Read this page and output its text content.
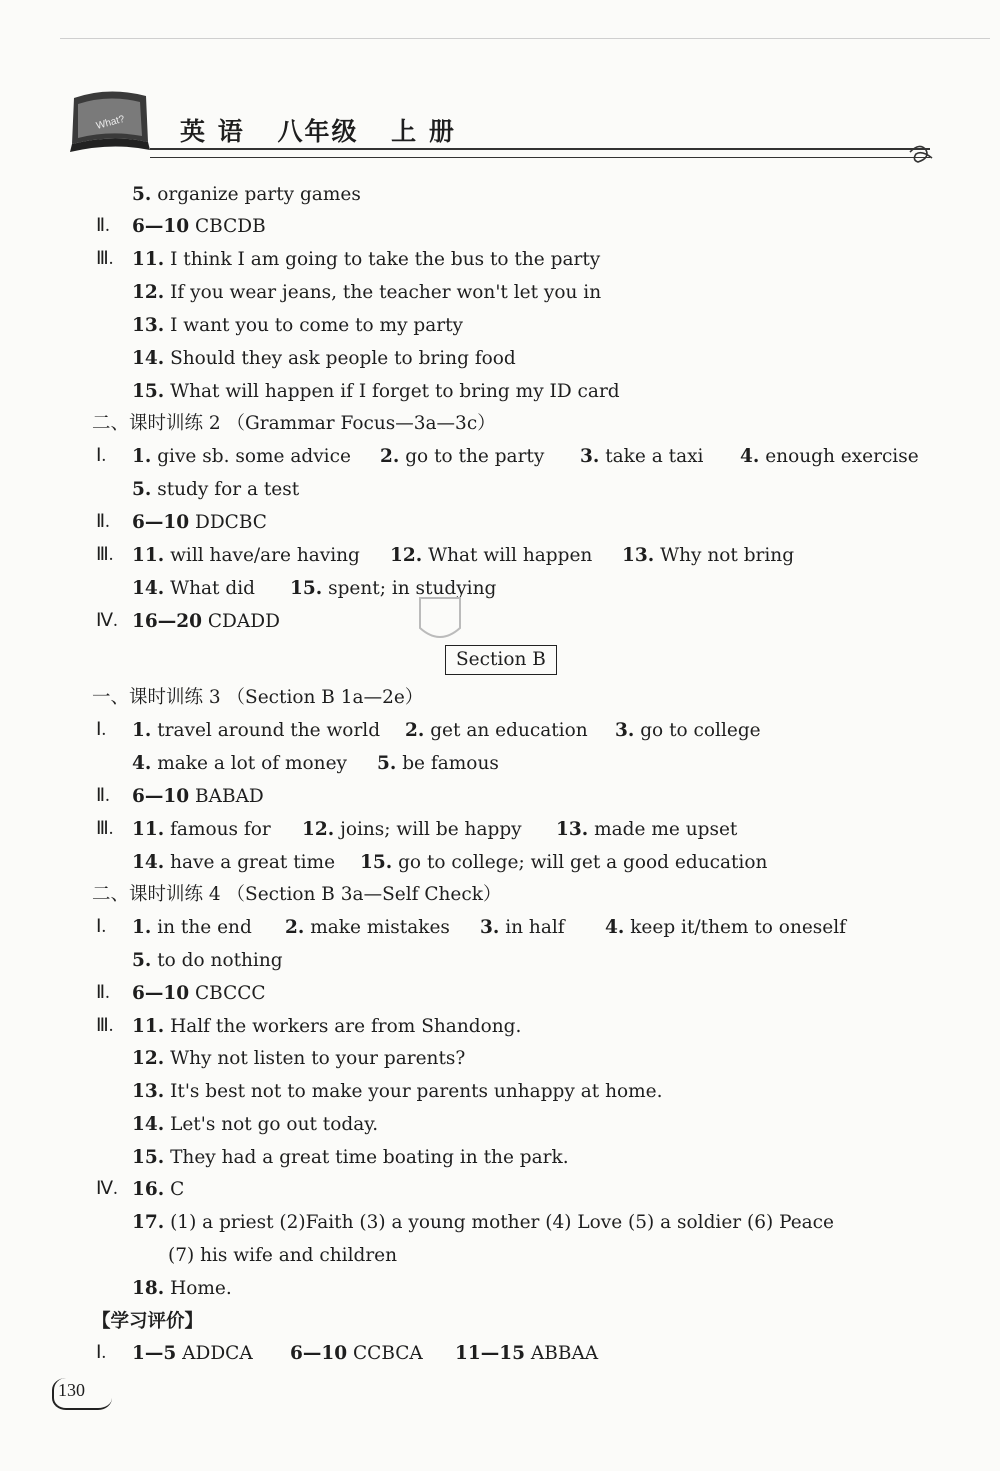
What? 英 语 八年级 上 册
5. organize party games
Ⅱ.	6—10 CBCDB
Ⅲ.	11. I think I am going to take the bus to the party
12. If you wear jeans, the teacher won't let you in
13. I want you to come to my party
14. Should they ask people to bring food
15. What will happen if I forget to bring my ID card
二、课时训练 2 （Grammar Focus—3a—3c）
Ⅰ.	1. give sb. some advice 2. go to the party 3. take a taxi 4. enough exercise
5. study for a test
Ⅱ.	6—10 DDCBC
Ⅲ.	11. will have/are having 12. What will happen 13. Why not bring
14. What did 15. spent; in studying
Ⅳ. 16—20 CDADD
一、课时训练 3 （Section B 1a—2e）
Ⅰ.	1. travel around the world 2. get an education 3. go to college
4. make a lot of money 5. be famous
Ⅱ.	6—10 BABAD
Ⅲ.	11. famous for 12. joins; will be happy 13. made me upset
14. have a great time 15. go to college; will get a good education
二、课时训练 4 （Section B 3a—Self Check）
Ⅰ.	1. in the end 2. make mistakes 3. in half 4. keep it/them to oneself
5. to do nothing
Ⅱ.	6—10 CBCCC
Ⅲ.	11. Half the workers are from Shandong.
12. Why not listen to your parents?
13. It's best not to make your parents unhappy at home.
14. Let's not go out today.
15. They had a great time boating in the park.
Ⅳ. 16. C
17. (1) a priest (2)Faith (3) a young mother (4) Love (5) a soldier (6) Peace
(7) his wife and children
18. Home.
【学习评价】
Ⅰ.	1—5 ADDCA 6—10 CCBCA 11—15 ABBAA
Section B
130
